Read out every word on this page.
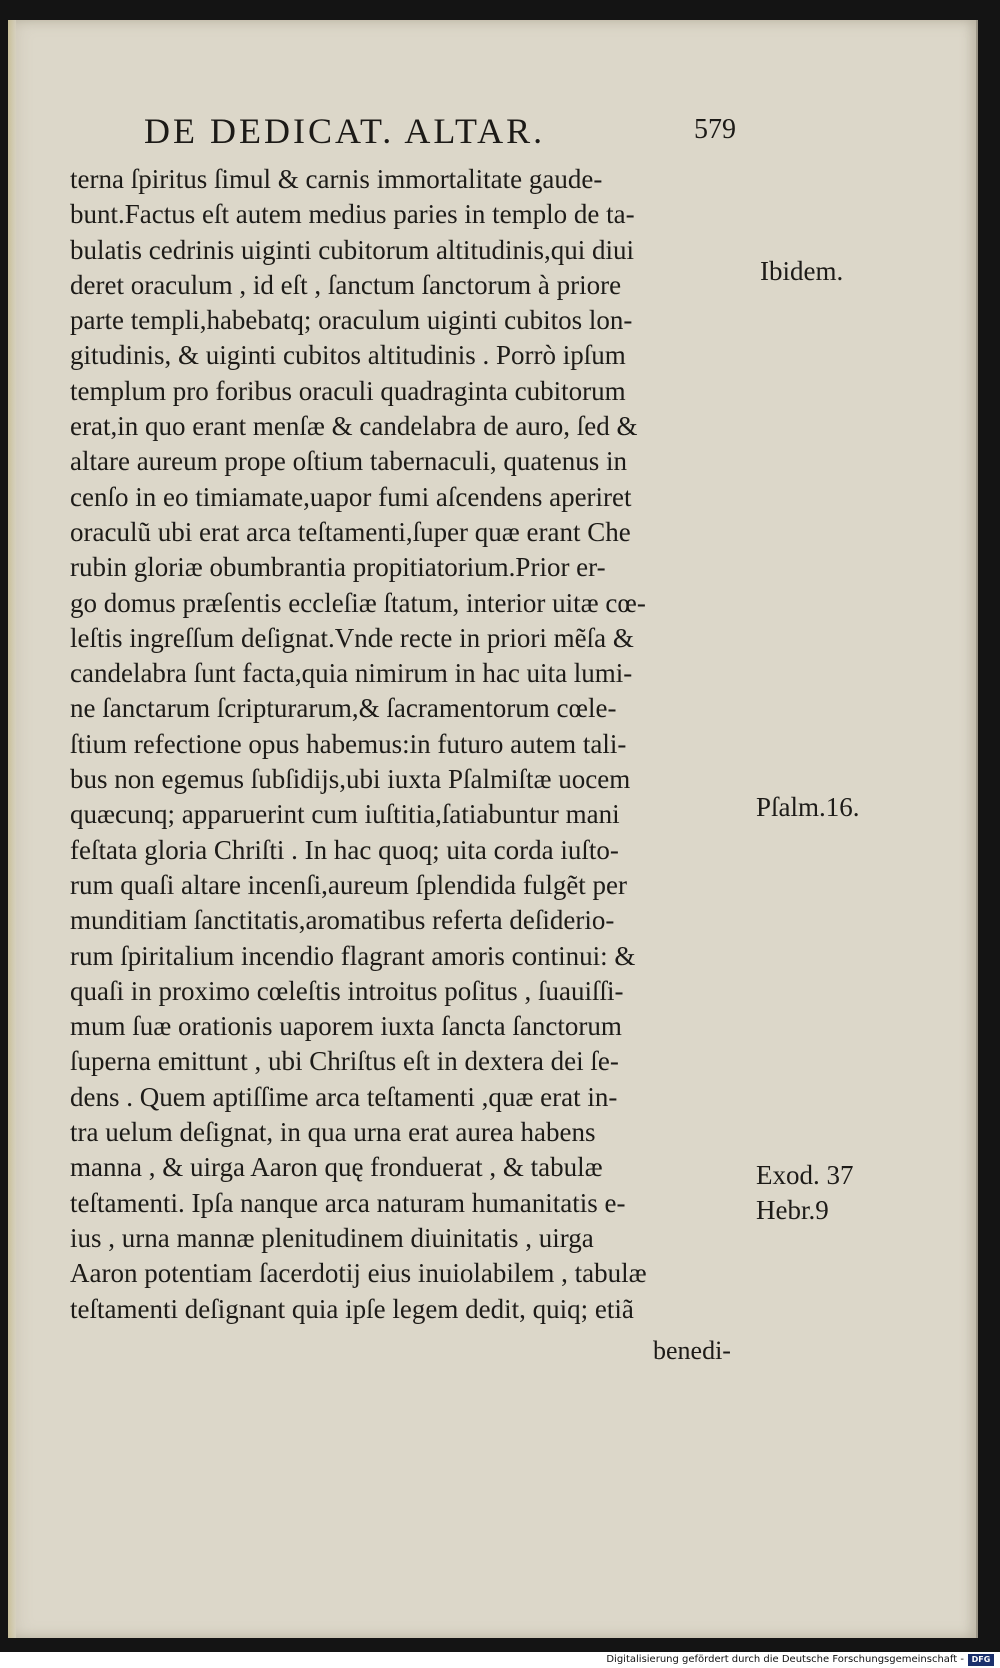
DE DEDICAT. ALTAR.	579
terna ſpiritus ſimul & carnis immortalitate gaude-
bunt.Factus eſt autem medius paries in templo de ta-
bulatis cedrinis uiginti cubitorum altitudinis,qui diui
deret oraculum , id eſt , ſanctum ſanctorum à priore
parte templi,habebatq; oraculum uiginti cubitos lon-
gitudinis, & uiginti cubitos altitudinis . Porrò ipſum
templum pro foribus oraculi quadraginta cubitorum
erat,in quo erant menſæ & candelabra de auro, ſed &
altare aureum prope oſtium tabernaculi, quatenus in
cenſo in eo timiamate,uapor fumi aſcendens aperiret
oraculũ ubi erat arca teſtamenti,ſuper quæ erant Che
rubin gloriæ obumbrantia propitiatorium.Prior er-
go domus præſentis eccleſiæ ſtatum, interior uitæ cœ-
leſtis ingreſſum deſignat.Vnde recte in priori mẽſa &
candelabra ſunt facta,quia nimirum in hac uita lumi-
ne ſanctarum ſcripturarum,& ſacramentorum cœle-
ſtium refectione opus habemus:in futuro autem tali-
bus non egemus ſubſidijs,ubi iuxta Pſalmiſtæ uocem
quæcunq; apparuerint cum iuſtitia,ſatiabuntur mani
feſtata gloria Chriſti . In hac quoq; uita corda iuſto-
rum quaſi altare incenſi,aureum ſplendida fulgẽt per
munditiam ſanctitatis,aromatibus referta deſiderio-
rum ſpiritalium incendio flagrant amoris continui: &
quaſi in proximo cœleſtis introitus poſitus , ſuauiſſi-
mum ſuæ orationis uaporem iuxta ſancta ſanctorum
ſuperna emittunt , ubi Chriſtus eſt in dextera dei ſe-
dens . Quem aptiſſime arca teſtamenti ,quæ erat in-
tra uelum deſignat, in qua urna erat aurea habens
manna , & uirga Aaron quę fronduerat , & tabulæ
teſtamenti. Ipſa nanque arca naturam humanitatis e-
ius , urna mannæ plenitudinem diuinitatis , uirga
Aaron potentiam ſacerdotij eius inuiolabilem , tabulæ
teſtamenti deſignant quia ipſe legem dedit, quiq; etiã
benedi-
Ibidem.
Pſalm.16.
Exod. 37
Hebr.9
Digitalisierung gefördert durch die Deutsche Forschungsgemeinschaft - DFG
